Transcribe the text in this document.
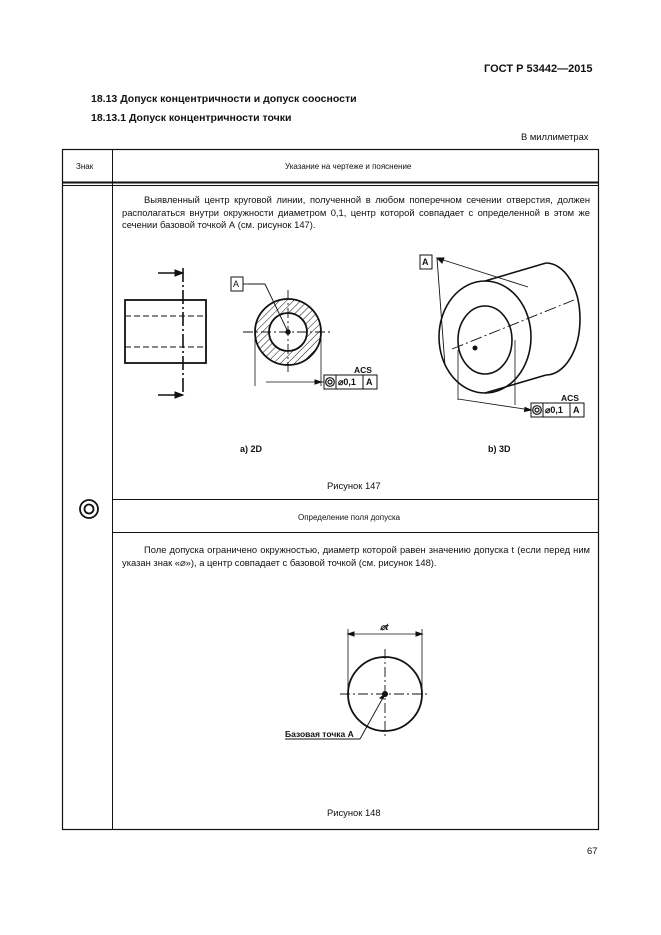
ГОСТ Р 53442—2015
18.13 Допуск концентричности и допуск соосности
18.13.1 Допуск концентричности точки
В миллиметрах
Знак	Указание на чертеже и пояснение
Выявленный центр круговой линии, полученной в любом поперечном сечении отверстия, должен располагаться внутри окружности диаметром 0,1, центр которой совпадает с определенной в этом же сечении базовой точкой А (см. рисунок 147).
A
ACS
⌀0,1 A
A
ACS
⌀0,1 A
а) 2D	b) 3D
Рисунок 147
Определение поля допуска
Поле допуска ограничено окружностью, диаметр которой равен значению допуска t (если перед ним указан знак «⌀»), а центр совпадает с базовой точкой (см. рисунок 148).
⌀t
Базовая точка А
Рисунок 148
67
